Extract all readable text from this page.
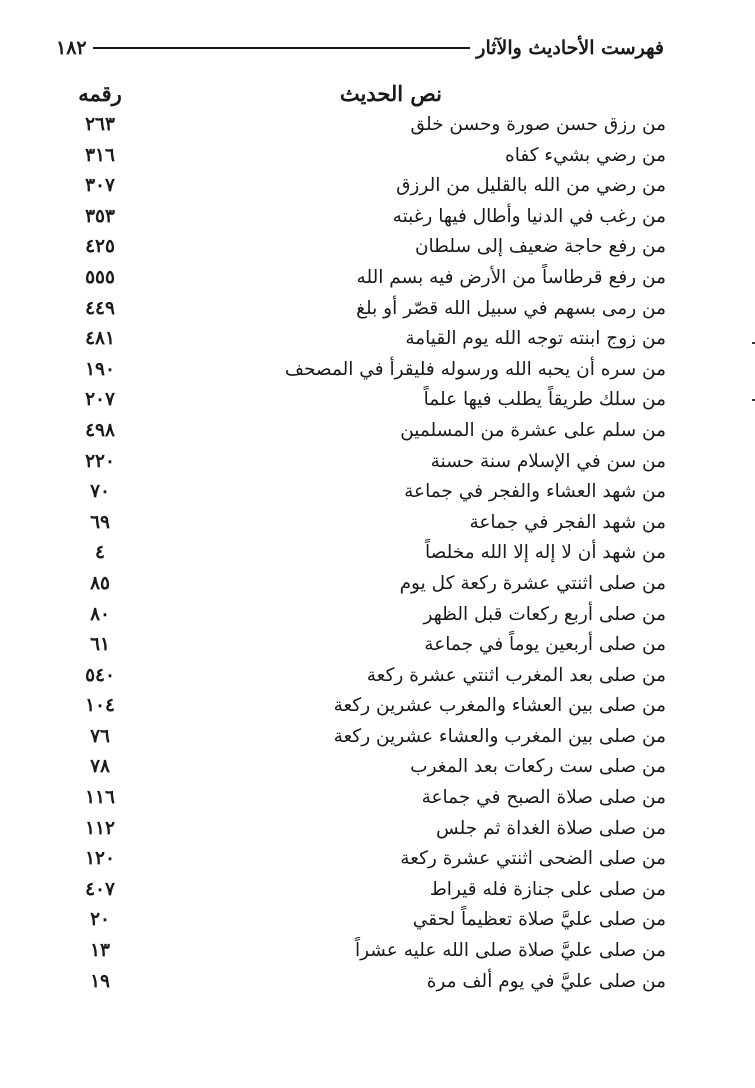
فهرست الأحاديث والآثار
١٨٢
نص الحديث
رقمه
من رزق حسن صورة وحسن خلق
٢٦٣
من رضي بشيء كفاه
٣١٦
من رضي من الله بالقليل من الرزق
٣٠٧
من رغب في الدنيا وأطال فيها رغبته
٣٥٣
من رفع حاجة ضعيف إلى سلطان
٤٢٥
من رفع قرطاساً من الأرض فيه بسم الله
٥٥٥
من رمى بسهم في سبيل الله قصّر أو بلغ
٤٤٩
من زوج ابنته توجه الله يوم القيامة
٤٨١
من سره أن يحبه الله ورسوله فليقرأ في المصحف
١٩٠
من سلك طريقاً يطلب فيها علماً
٢٠٧
من سلم على عشرة من المسلمين
٤٩٨
من سن في الإسلام سنة حسنة
٢٢٠
من شهد العشاء والفجر في جماعة
٧٠
من شهد الفجر في جماعة
٦٩
من شهد أن لا إله إلا الله مخلصاً
٤
من صلى اثنتي عشرة ركعة كل يوم
٨٥
من صلى أربع ركعات قبل الظهر
٨٠
من صلى أربعين يوماً في جماعة
٦١
من صلى بعد المغرب اثنتي عشرة ركعة
٥٤٠
من صلى بين العشاء والمغرب عشرين ركعة
١٠٤
من صلى بين المغرب والعشاء عشرين ركعة
٧٦
من صلى ست ركعات بعد المغرب
٧٨
من صلى صلاة الصبح في جماعة
١١٦
من صلى صلاة الغداة ثم جلس
١١٢
من صلى الضحى اثنتي عشرة ركعة
١٢٠
من صلى على جنازة فله قيراط
٤٠٧
من صلى عليَّ صلاة تعظيماً لحقي
٢٠
من صلى عليَّ صلاة صلى الله عليه عشراً
١٣
من صلى عليَّ في يوم ألف مرة
١٩
